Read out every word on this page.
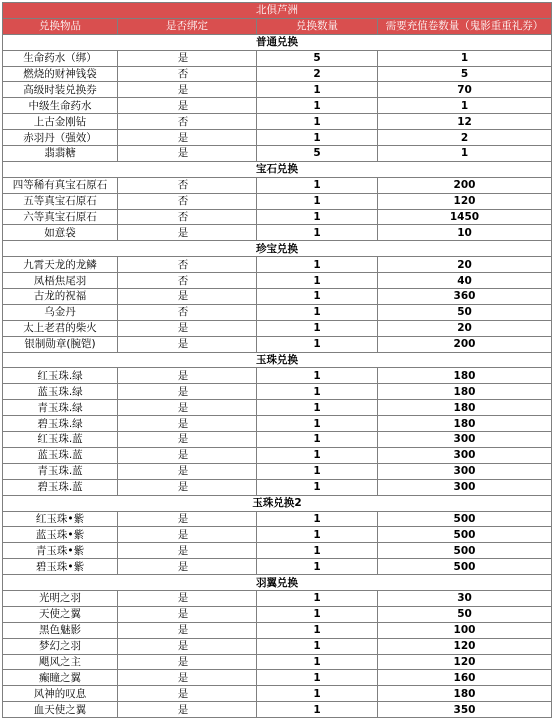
北俱芦洲			
兑换物品	是否绑定	兑换数量	需要充值卷数量（鬼影重重礼券）
普通兑换			
生命药水（绑）	是	5	1
燃烧的财神钱袋	否	2	5
高级时装兑换券	是	1	70
中级生命药水	是	1	1
上古金刚钻	否	1	12
赤羽丹（强效）	是	1	2
翡翡糖	是	5	1
宝石兑换			
四等稀有真宝石原石	否	1	200
五等真宝石原石	否	1	120
六等真宝石原石	否	1	1450
如意袋	是	1	10
珍宝兑换			
九霄天龙的龙鳞	否	1	20
凤梧焦尾羽	否	1	40
古龙的祝福	是	1	360
乌金丹	否	1	50
太上老君的柴火	是	1	20
银制勋章(腕铠)	是	1	200
玉珠兑换			
红玉珠.绿	是	1	180
蓝玉珠.绿	是	1	180
青玉珠.绿	是	1	180
碧玉珠.绿	是	1	180
红玉珠.蓝	是	1	300
蓝玉珠.蓝	是	1	300
青玉珠.蓝	是	1	300
碧玉珠.蓝	是	1	300
玉珠兑换2			
红玉珠•紫	是	1	500
蓝玉珠•紫	是	1	500
青玉珠•紫	是	1	500
碧玉珠•紫	是	1	500
羽翼兑换			
光明之羽	是	1	30
天使之翼	是	1	50
黑色魅影	是	1	100
梦幻之羽	是	1	120
飓风之主	是	1	120
癫瞳之翼	是	1	160
风神的叹息	是	1	180
血天使之翼	是	1	350
